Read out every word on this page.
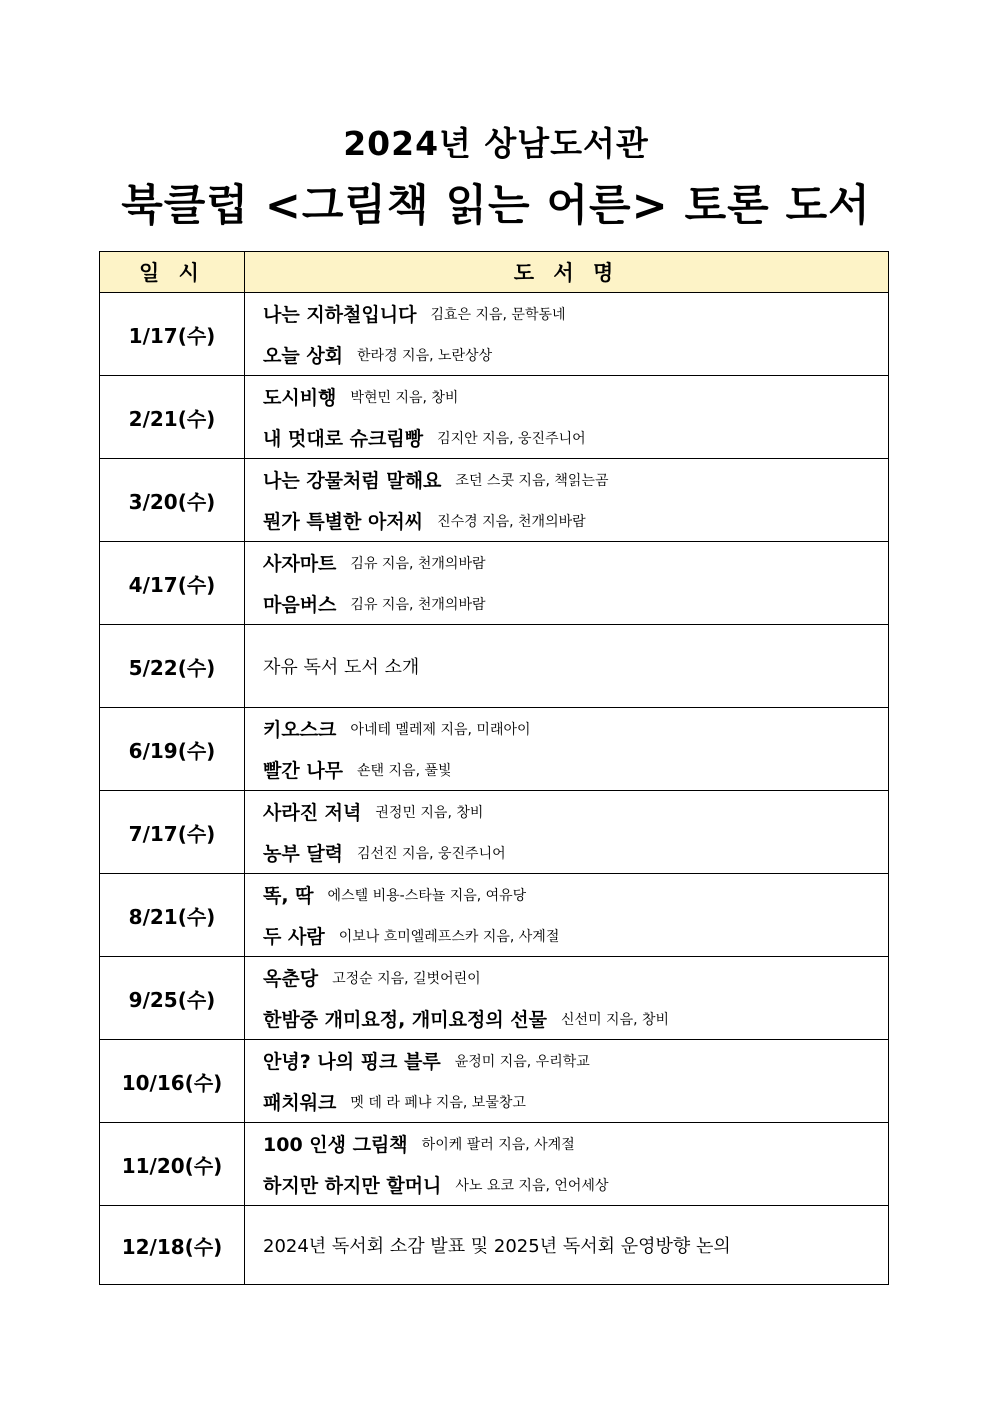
2024년 상남도서관
북클럽 <그림책 읽는 어른> 토론 도서
일 시	도 서 명
1/17(수)	나는 지하철입니다 김효은 지음, 문학동네
오늘 상회 한라경 지음, 노란상상

2/21(수)	도시비행 박현민 지음, 창비
내 멋대로 슈크림빵 김지안 지음, 웅진주니어

3/20(수)	나는 강물처럼 말해요 조던 스콧 지음, 책읽는곰
뭔가 특별한 아저씨 진수경 지음, 천개의바람

4/17(수)	사자마트 김유 지음, 천개의바람
마음버스 김유 지음, 천개의바람

5/22(수)	자유 독서 도서 소개
6/19(수)	키오스크 아네테 멜레제 지음, 미래아이
빨간 나무 숀탠 지음, 풀빛

7/17(수)	사라진 저녁 권정민 지음, 창비
농부 달력 김선진 지음, 웅진주니어

8/21(수)	똑, 딱 에스텔 비용-스타뇰 지음, 여유당
두 사람 이보나 흐미엘레프스카 지음, 사계절

9/25(수)	옥춘당 고정순 지음, 길벗어린이
한밤중 개미요정, 개미요정의 선물 신선미 지음, 창비

10/16(수)	안녕? 나의 핑크 블루 윤정미 지음, 우리학교
패치워크 멧 데 라 페냐 지음, 보물창고

11/20(수)	100 인생 그림책 하이케 팔러 지음, 사계절
하지만 하지만 할머니 사노 요코 지음, 언어세상

12/18(수)	2024년 독서회 소감 발표 및 2025년 독서회 운영방향 논의
